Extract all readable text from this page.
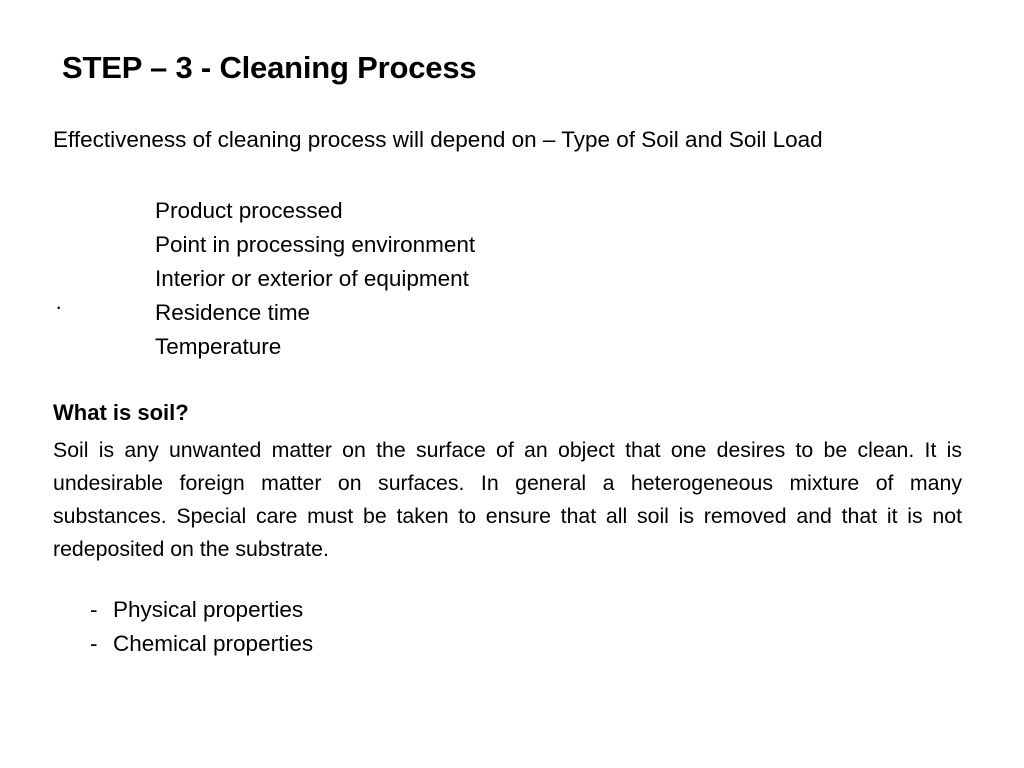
STEP – 3 - Cleaning Process
Effectiveness of cleaning process will depend on – Type of Soil and Soil Load
Product processed
Point in processing environment
Interior or exterior of equipment
Residence time
Temperature
·
What is soil?

Soil is any unwanted matter on the surface of an object that one desires to be clean. It is undesirable foreign matter on surfaces. In general a heterogeneous mixture of many substances. Special care must be taken to ensure that all soil is removed and that it is not redeposited on the substrate.

- Physical properties
- Chemical properties
